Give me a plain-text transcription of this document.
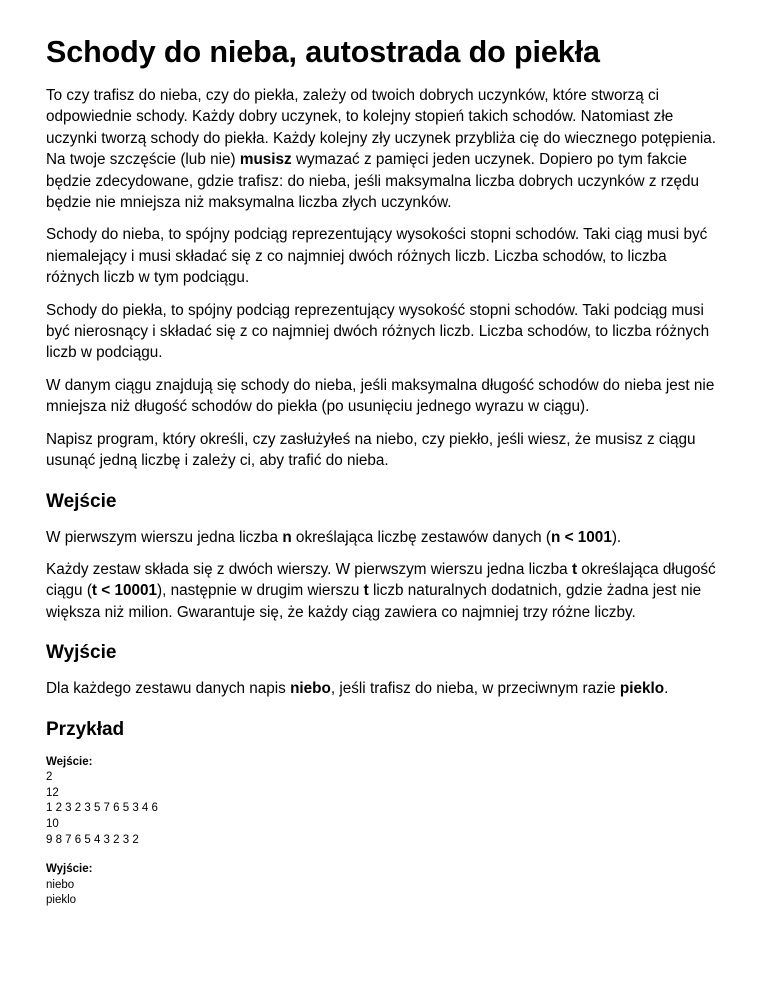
Schody do nieba, autostrada do piekła

To czy trafisz do nieba, czy do piekła, zależy od twoich dobrych uczynków, które stworzą ci odpowiednie schody. Każdy dobry uczynek, to kolejny stopień takich schodów. Natomiast złe uczynki tworzą schody do piekła. Każdy kolejny zły uczynek przybliża cię do wiecznego potępienia. Na twoje szczęście (lub nie) musisz wymazać z pamięci jeden uczynek. Dopiero po tym fakcie będzie zdecydowane, gdzie trafisz: do nieba, jeśli maksymalna liczba dobrych uczynków z rzędu będzie nie mniejsza niż maksymalna liczba złych uczynków.

Schody do nieba, to spójny podciąg reprezentujący wysokości stopni schodów. Taki ciąg musi być niemalejący i musi składać się z co najmniej dwóch różnych liczb. Liczba schodów, to liczba różnych liczb w tym podciągu.

Schody do piekła, to spójny podciąg reprezentujący wysokość stopni schodów. Taki podciąg musi być nierosnący i składać się z co najmniej dwóch różnych liczb. Liczba schodów, to liczba różnych liczb w podciągu.

W danym ciągu znajdują się schody do nieba, jeśli maksymalna długość schodów do nieba jest nie mniejsza niż długość schodów do piekła (po usunięciu jednego wyrazu w ciągu).

Napisz program, który określi, czy zasłużyłeś na niebo, czy piekło, jeśli wiesz, że musisz z ciągu usunąć jedną liczbę i zależy ci, aby trafić do nieba.

Wejście

W pierwszym wierszu jedna liczba n określająca liczbę zestawów danych (n < 1001).

Każdy zestaw składa się z dwóch wierszy. W pierwszym wierszu jedna liczba t określająca długość ciągu (t < 10001), następnie w drugim wierszu t liczb naturalnych dodatnich, gdzie żadna jest nie większa niż milion. Gwarantuje się, że każdy ciąg zawiera co najmniej trzy różne liczby.

Wyjście

Dla każdego zestawu danych napis niebo, jeśli trafisz do nieba, w przeciwnym razie pieklo.

Przykład
Wejście:
2
12
1 2 3 2 3 5 7 6 5 3 4 6
10
9 8 7 6 5 4 3 2 3 2
Wyjście:
niebo
pieklo
